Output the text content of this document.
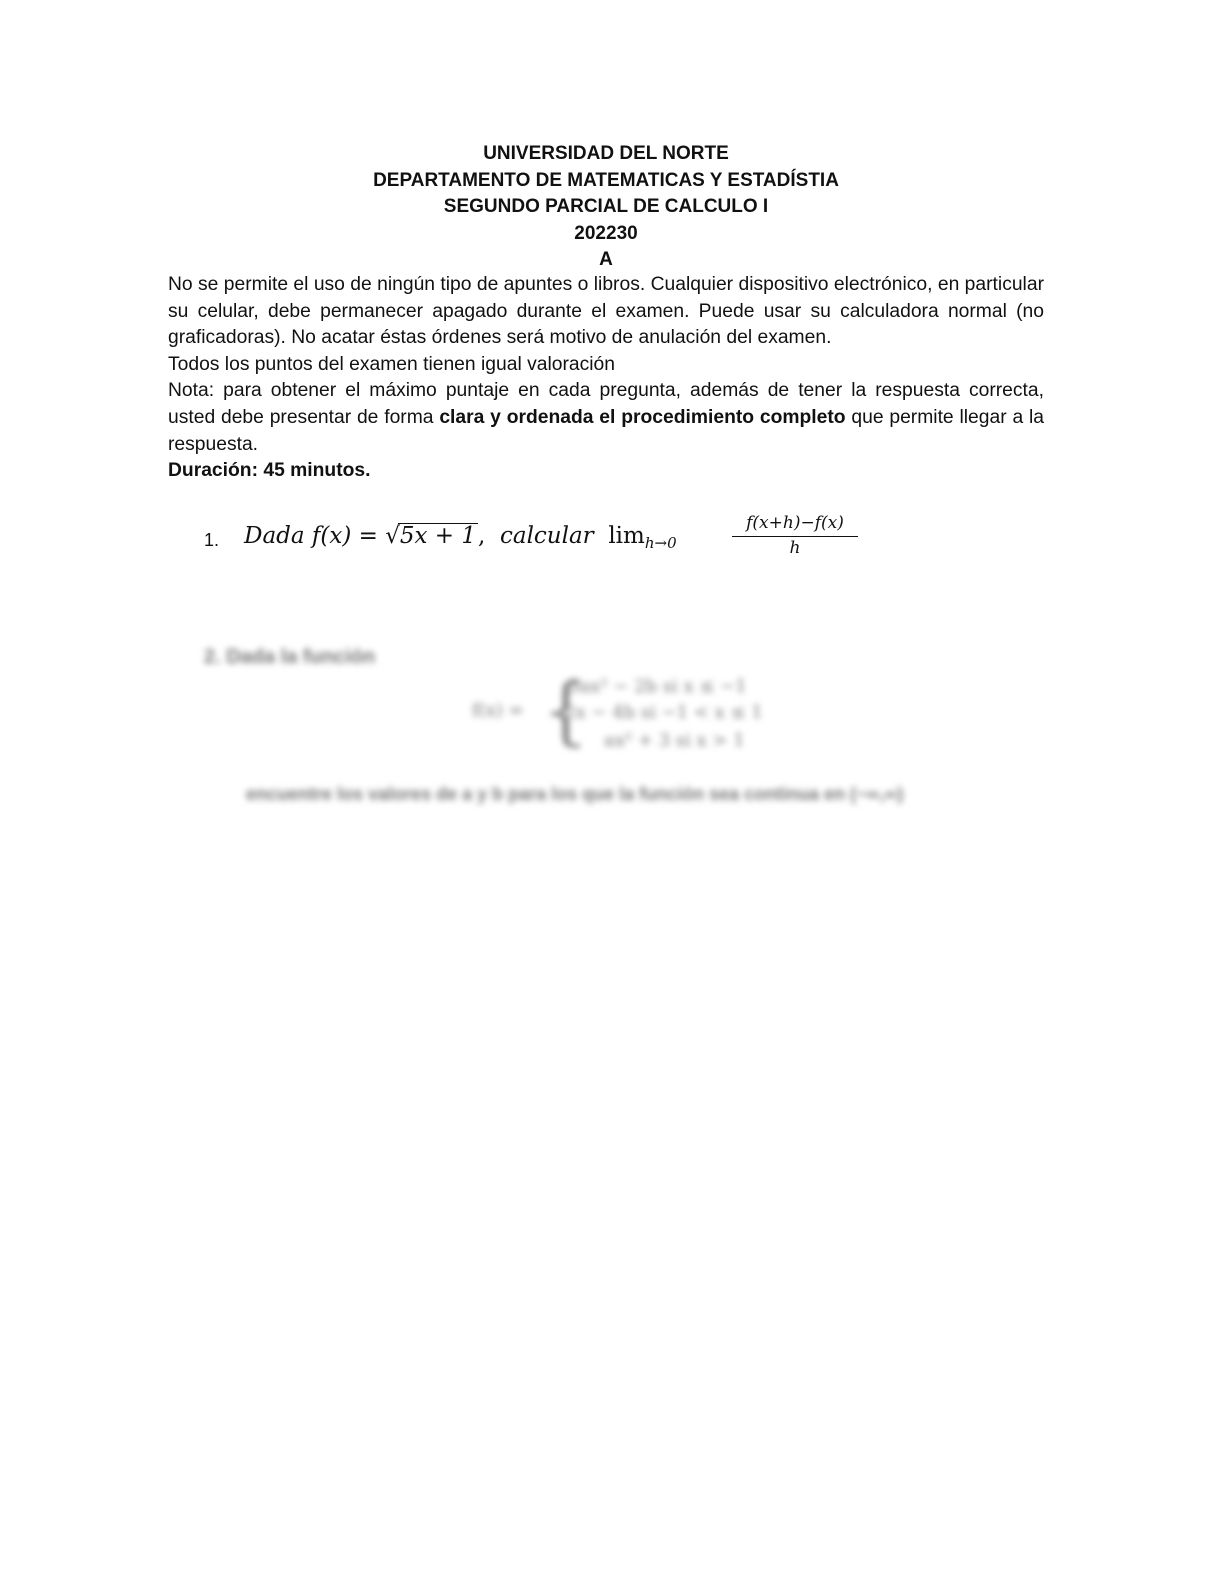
UNIVERSIDAD DEL NORTE
DEPARTAMENTO DE MATEMATICAS Y ESTADÍSTIA
SEGUNDO PARCIAL DE CALCULO I
202230
A

No se permite el uso de ningún tipo de apuntes o libros. Cualquier dispositivo electrónico, en particular su celular, debe permanecer apagado durante el examen. Puede usar su calculadora normal (no graficadoras). No acatar éstas órdenes será motivo de anulación del examen.

Todos los puntos del examen tienen igual valoración

Nota: para obtener el máximo puntaje en cada pregunta, además de tener la respuesta correcta, usted debe presentar de forma clara y ordenada el procedimiento completo que permite llegar a la respuesta.

Duración: 45 minutos.

1. Dada f(x) = √5x + 1, calcular $\lim_{h\to 0}$	$\frac{f(x+h)-f(x)}{h}$
2. Dada la función
f(x) = {
3ax² − 2b si x ≤ −1
2x − 4b si −1 < x ≤ 1
ax² + 3 si x > 1
encuentre los valores de a y b para los que la función sea continua en (−∞,∞)
